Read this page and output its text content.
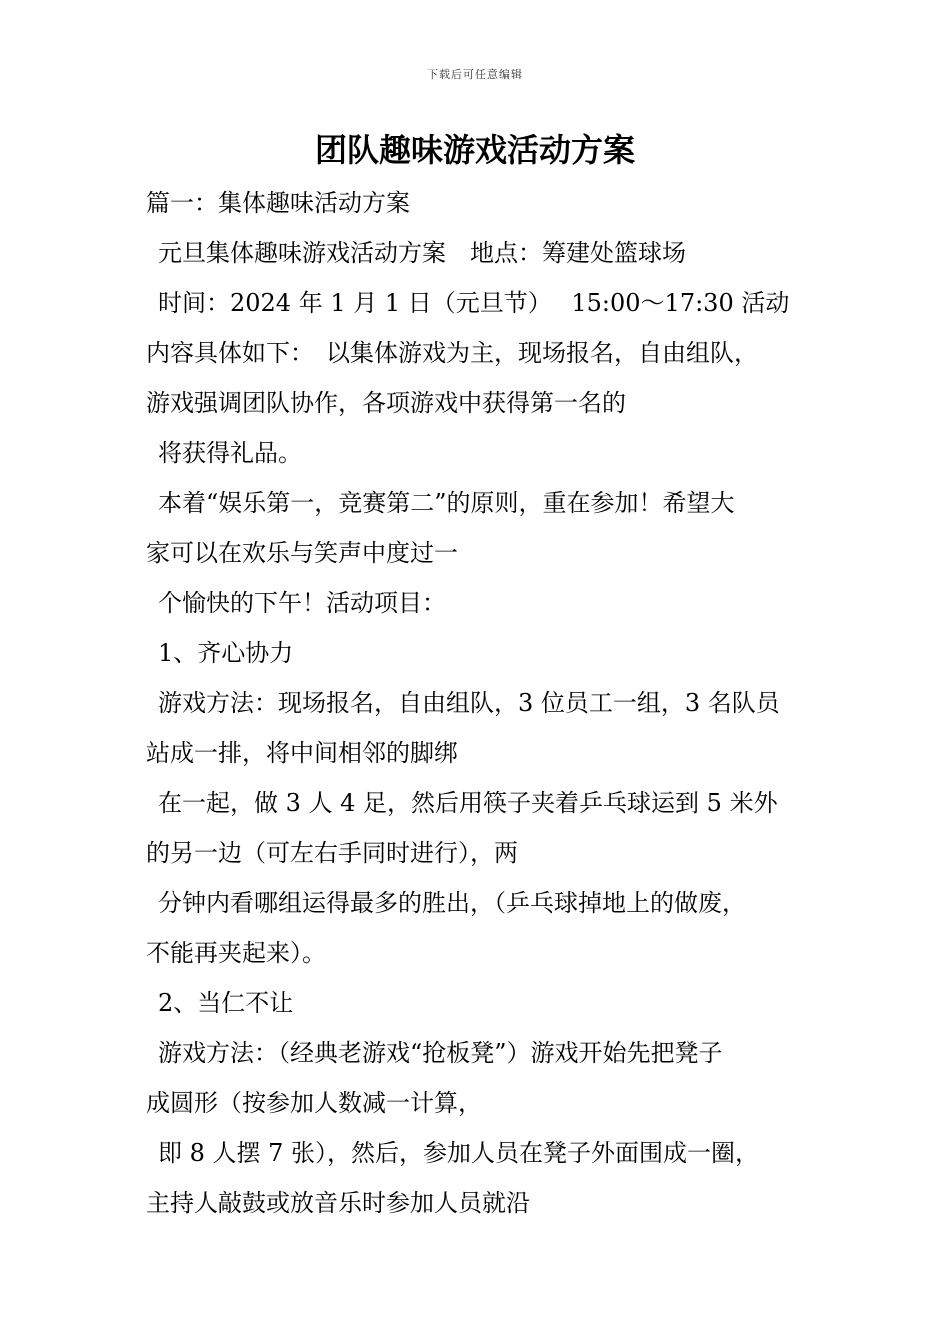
下载后可任意编辑
团队趣味游戏活动方案
篇一：集体趣味活动方案
元旦集体趣味游戏活动方案　地点：筹建处篮球场
时间：2024 年 1 月 1 日（元旦节）　 15:00～17:30 活动
内容具体如下：　以集体游戏为主，现场报名，自由组队，
游戏强调团队协作，各项游戏中获得第一名的
将获得礼品。
本着“娱乐第一，竞赛第二”的原则，重在参加！希望大
家可以在欢乐与笑声中度过一
个愉快的下午！活动项目：
1、齐心协力
游戏方法：现场报名，自由组队，3 位员工一组，3 名队员
站成一排，将中间相邻的脚绑
在一起，做 3 人 4 足，然后用筷子夹着乒乓球运到 5 米外
的另一边（可左右手同时进行），两
分钟内看哪组运得最多的胜出，（乒乓球掉地上的做废，
不能再夹起来）。
2、当仁不让
游戏方法：（经典老游戏“抢板凳”）游戏开始先把凳子
成圆形（按参加人数减一计算，
即 8 人摆 7 张），然后，参加人员在凳子外面围成一圈，
主持人敲鼓或放音乐时参加人员就沿
